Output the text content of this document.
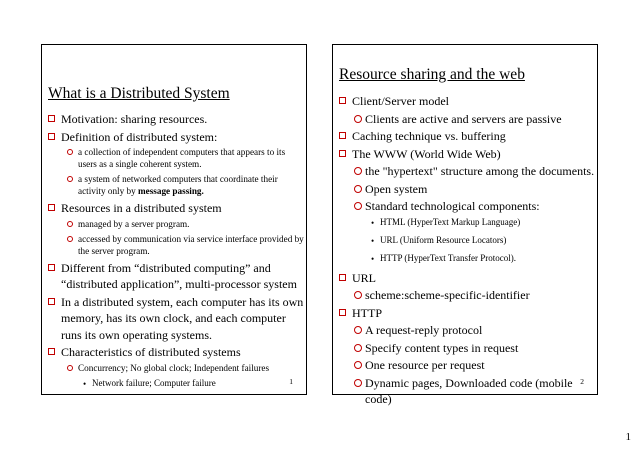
What is a Distributed System
Motivation: sharing resources.
Definition of distributed system:
a collection of independent computers that appears to its users as a single coherent system.
a system of networked computers that coordinate their activity only by message passing.
Resources in a distributed system
managed by a server program.
accessed by communication via service interface provided by the server program.
Different from “distributed computing” and “distributed application”, multi-processor system
In a distributed system, each computer has its own memory, has its own clock, and each computer runs its own operating systems.
Characteristics of distributed systems
Concurrency; No global clock; Independent failures
• Network failure; Computer failure	1
Resource sharing and the web
Client/Server model
Clients are active and servers are passive
Caching technique vs. buffering
The WWW (World Wide Web)
the "hypertext" structure among the documents.
Open system
Standard technological components:
• HTML (HyperText Markup Language)
• URL (Uniform Resource Locators)
• HTTP (HyperText Transfer Protocol).
URL
scheme:scheme-specific-identifier
HTTP
A request-reply protocol
Specify content types in request
One resource per request
Dynamic pages, Downloaded code (mobile code)
2
1
